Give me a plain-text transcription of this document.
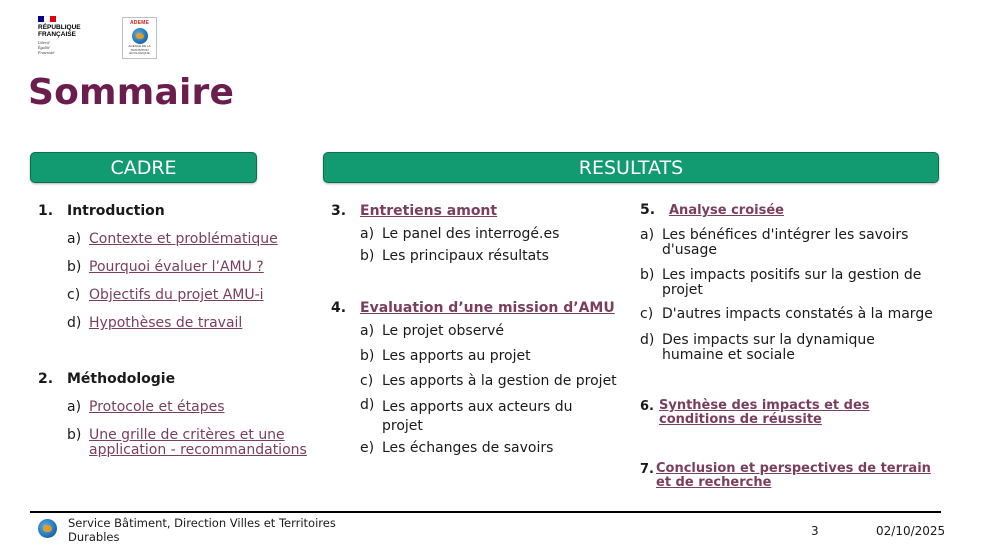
RÉPUBLIQUE
FRANÇAISE
Liberté
Égalité
Fraternité
ADEME
AGENCE DE LA
TRANSITION
ÉCOLOGIQUE
Sommaire
CADRE	RESULTATS
1. Introduction
a) Contexte et problématique
b) Pourquoi évaluer l’AMU ?
c) Objectifs du projet AMU-i
d) Hypothèses de travail
2. Méthodologie
a) Protocole et étapes
b) Une grille de critères et une application - recommandations
3. Entretiens amont
a) Le panel des interrogé.es
b) Les principaux résultats
4. Evaluation d’une mission d’AMU
a) Le projet observé
b) Les apports au projet
c) Les apports à la gestion de projet
d) Les apports aux acteurs du projet
e) Les échanges de savoirs
5. Analyse croisée
a) Les bénéfices d'intégrer les savoirs d'usage
b) Les impacts positifs sur la gestion de projet
c) D'autres impacts constatés à la marge
d) Des impacts sur la dynamique humaine et sociale
6. Synthèse des impacts et des conditions de réussite
7. Conclusion et perspectives de terrain et de recherche
Service Bâtiment, Direction Villes et Territoires Durables	3	02/10/2025
